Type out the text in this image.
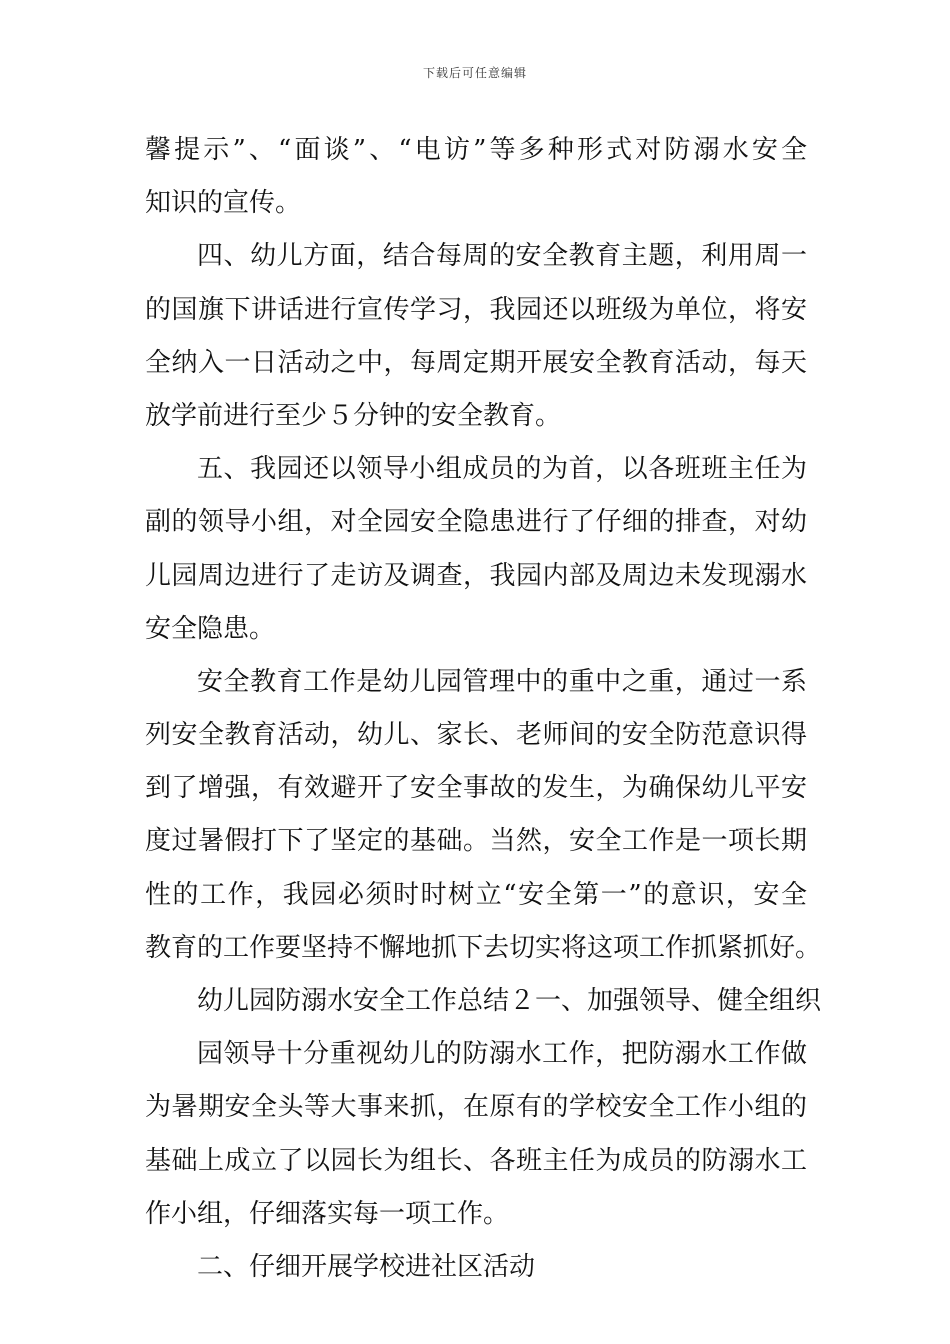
下载后可任意编辑
馨提示”、“面谈”、“电访”等多种形式对防溺水安全
知识的宣传。
四、幼儿方面，结合每周的安全教育主题，利用周一
的国旗下讲话进行宣传学习，我园还以班级为单位，将安
全纳入一日活动之中，每周定期开展安全教育活动，每天
放学前进行至少５分钟的安全教育。
五、我园还以领导小组成员的为首，以各班班主任为
副的领导小组，对全园安全隐患进行了仔细的排查，对幼
儿园周边进行了走访及调查，我园内部及周边未发现溺水
安全隐患。
安全教育工作是幼儿园管理中的重中之重，通过一系
列安全教育活动，幼儿、家长、老师间的安全防范意识得
到了增强，有效避开了安全事故的发生，为确保幼儿平安
度过暑假打下了坚定的基础。当然，安全工作是一项长期
性的工作，我园必须时时树立“安全第一”的意识，安全
教育的工作要坚持不懈地抓下去切实将这项工作抓紧抓好。
幼儿园防溺水安全工作总结２一、加强领导、健全组织
园领导十分重视幼儿的防溺水工作，把防溺水工作做
为暑期安全头等大事来抓，在原有的学校安全工作小组的
基础上成立了以园长为组长、各班主任为成员的防溺水工
作小组，仔细落实每一项工作。
二、仔细开展学校进社区活动
